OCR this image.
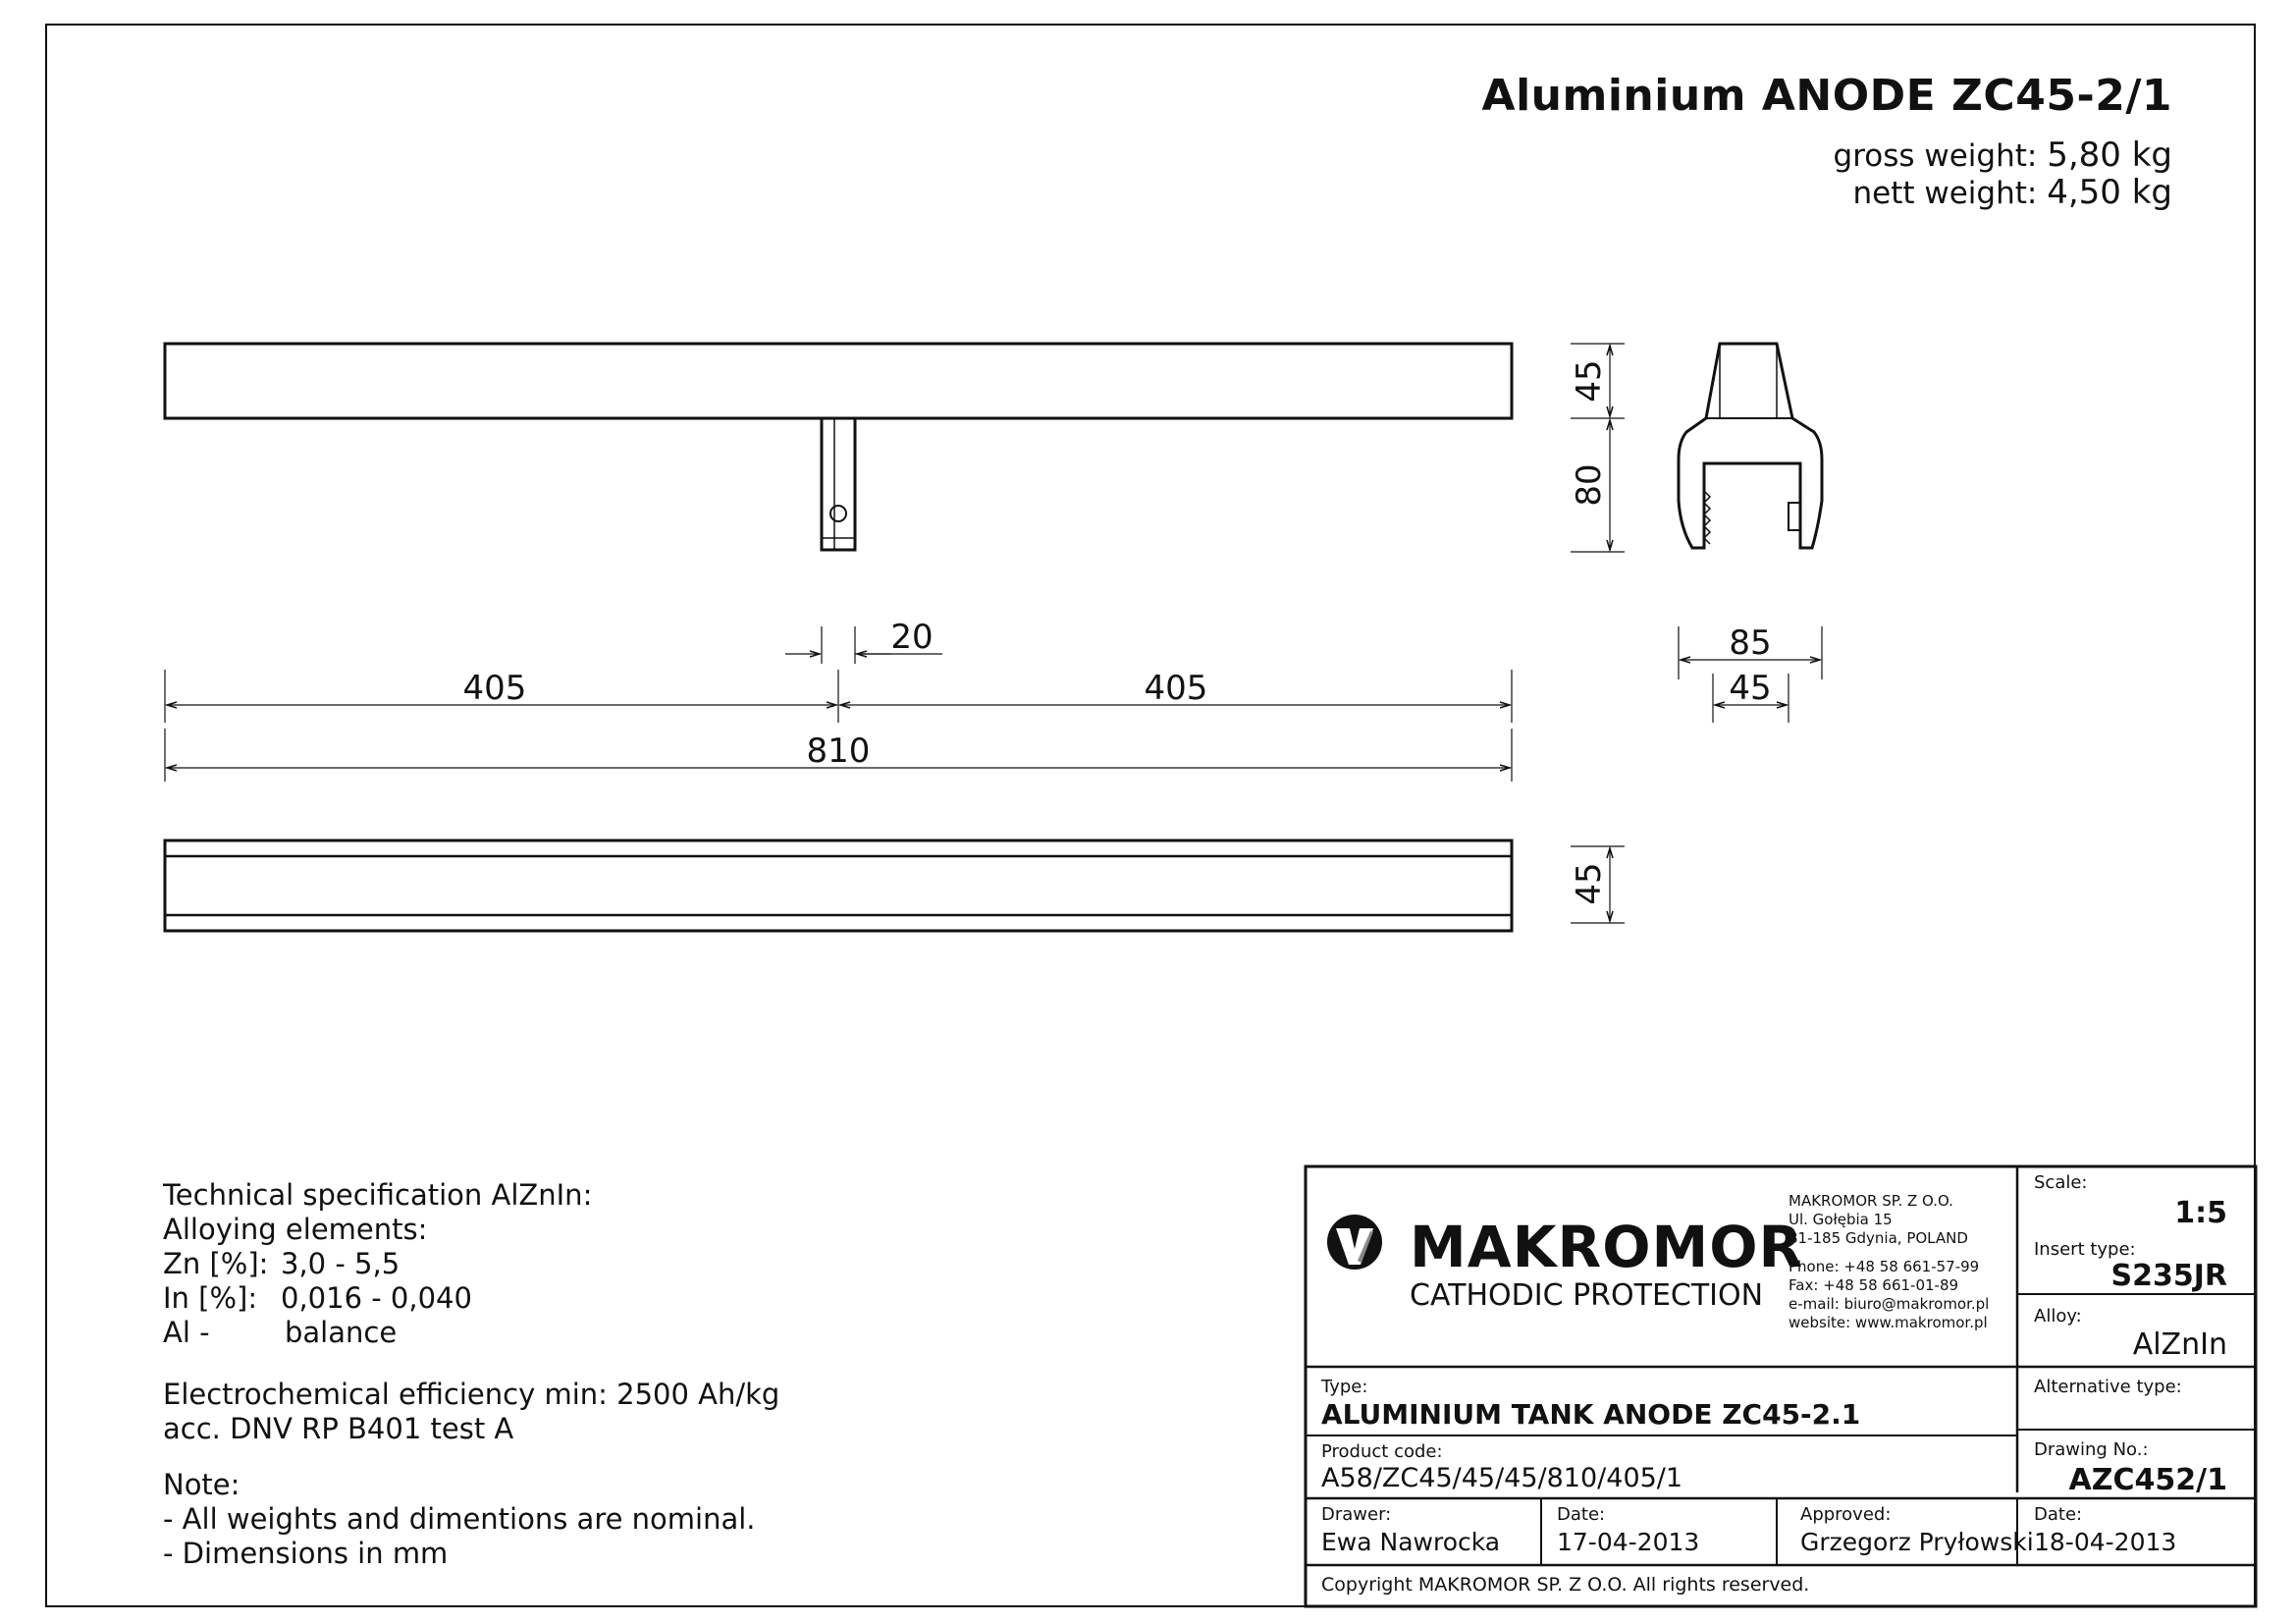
Aluminium ANODE ZC45-2/1
gross weight: 5,80 kg
nett weight: 4,50 kg
45
80
20
405	405
810
85
45
45
Technical specification AlZnIn:
Alloying elements:
Zn [%]: 3,0 - 5,5
In [%]: 0,016 - 0,040
Al -	balance
Electrochemical efficiency min: 2500 Ah/kg
acc. DNV RP B401 test A
Note:
- All weights and dimentions are nominal.
- Dimensions in mm
MAKROMOR
CATHODIC PROTECTION
MAKROMOR SP. Z O.O.
Ul. Gołębia 15
81-185 Gdynia, POLAND
Phone: +48 58 661-57-99
Fax: +48 58 661-01-89
e-mail: biuro@makromor.pl
website: www.makromor.pl
Scale:
1:5
Insert type:
S235JR
Alloy:
AlZnIn
Alternative type:
Type:
ALUMINIUM TANK ANODE ZC45-2.1
Product code:
A58/ZC45/45/45/810/405/1
Drawing No.:
AZC452/1
Drawer:
Ewa Nawrocka
Date:
17-04-2013
Approved:
Grzegorz Pryłowski
Date:
18-04-2013
Copyright MAKROMOR SP. Z O.O. All rights reserved.
